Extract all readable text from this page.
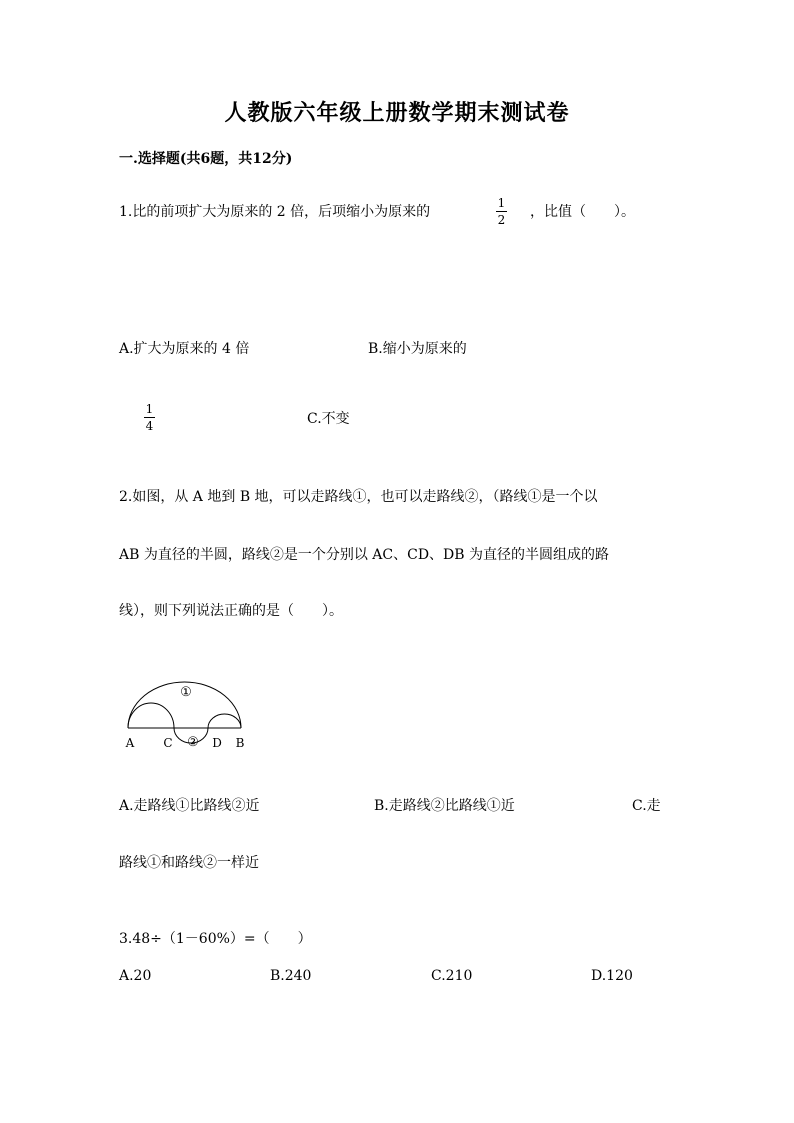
人教版六年级上册数学期末测试卷
一.选择题(共6题，共12分)
1.比的前项扩大为原来的 2 倍，后项缩小为原来的
1
2 ，比值（　　）。
A.扩大为原来的 4 倍	B.缩小为原来的
1
4	C.不变
2.如图，从 A 地到 B 地，可以走路线①，也可以走路线②，（路线①是一个以
AB 为直径的半圆，路线②是一个分别以 AC、CD、DB 为直径的半圆组成的路
线），则下列说法正确的是（　　）。
①
②
A C	D B
A.走路线①比路线②近	B.走路线②比路线①近	C.走
路线①和路线②一样近
3.48÷（1－60%）=（　　）
A.20	B.240	C.210	D.120
